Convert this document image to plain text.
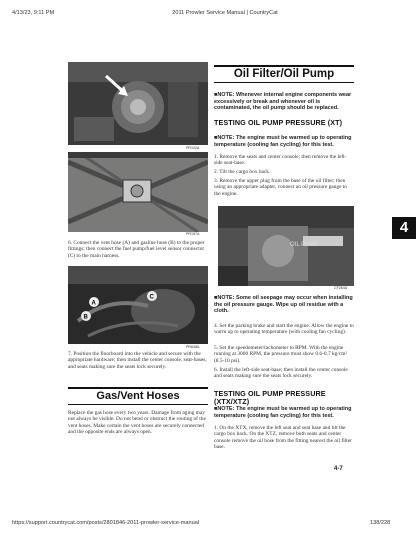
4/13/23, 9:11 PM	2011 Prowler Service Manual | CountryCat
PR102A
PR157A
6. Connect the vent hose (A) and gasline hose (B) to the proper fittings; then connect the fuel pump/fuel level sensor connector (C) to the main harness.
A
B
C
PR638A
7. Position the floorboard into the vehicle and secure with the appropriate hardware; then install the center console, seat-bases, and seats making sure the seats lock securely.
Gas/Vent Hoses
Replace the gas hose every two years. Damage from aging may not always be visible. Do not bend or obstruct the routing of the vent hoses. Make certain the vent hoses are securely connected and the opposite ends are always open.
Oil Filter/Oil Pump
■NOTE: Whenever internal engine components wear excessively or break and whenever oil is contaminated, the oil pump should be replaced.
TESTING OIL PUMP PRESSURE (XT)
■NOTE: The engine must be warmed up to operating temperature (cooling fan cycling) for this test.
1. Remove the seats and center console; then remove the left-side seat-base.
2. Tilt the cargo box back.
3. Remove the upper plug from the base of the oil filter; then using an appropriate adapter, connect an oil pressure gauge to the engine.
OIL PUMP
CF264A
■NOTE: Some oil seepage may occur when installing the oil pressure gauge. Wipe up oil residue with a cloth.
4. Set the parking brake and start the engine. Allow the engine to warm up to operating temperature (with cooling fan cycling).
5. Set the speedometer/tachometer to RPM. With the engine running at 3000 RPM, the pressure must show 0.6-0.7 kg/cm² (8.5-10 psi).
6. Install the left-side seat-base; then install the center console and seats making sure the seats lock securely.
TESTING OIL PUMP PRESSURE (XTX/XTZ)
■NOTE: The engine must be warmed up to operating temperature (cooling fan cycling) for this test.
1. On the XTX, remove the left seat and seat base and tilt the cargo box back. On the XTZ, remove both seats and center console remove the oil hose from the fitting nearest the oil filter base.
4-7
4
https://support.countrycat.com/posts/2801846-2011-prowler-service-manual	138/228
